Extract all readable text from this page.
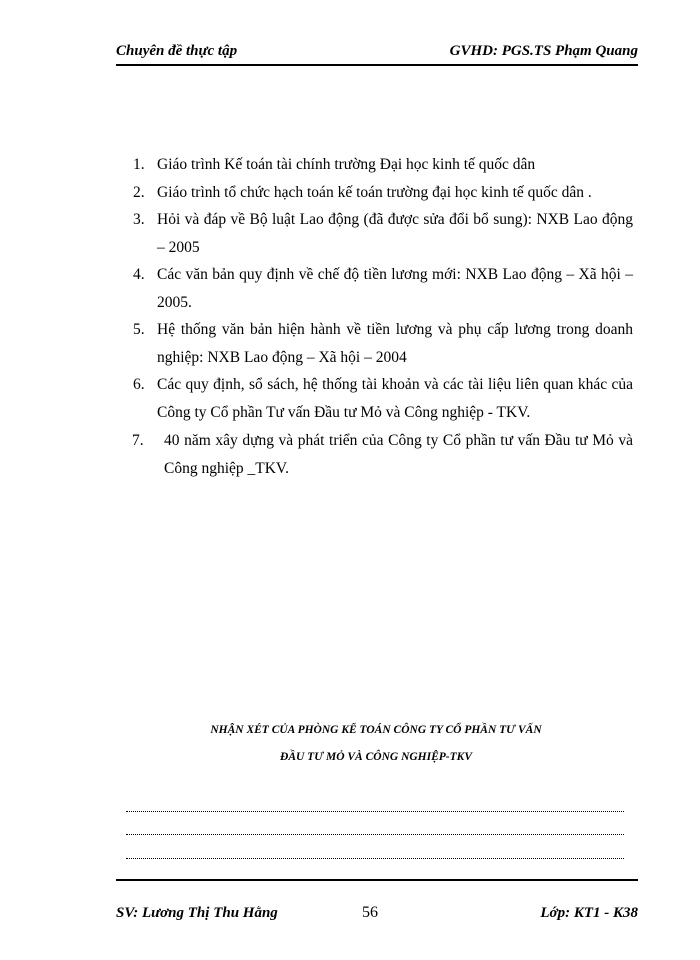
Chuyên đề thực tập	GVHD: PGS.TS Phạm Quang
1. Giáo trình Kế toán tài chính trường Đại học kinh tế quốc dân
2. Giáo trình tổ chức hạch toán kế toán trường đại học kinh tế quốc dân .
3. Hỏi và đáp về Bộ luật Lao động (đã được sửa đổi bổ sung): NXB Lao động – 2005
4. Các văn bản quy định về chế độ tiền lương mới: NXB Lao động – Xã hội – 2005.
5. Hệ thống văn bản hiện hành về tiền lương và phụ cấp lương trong doanh nghiệp: NXB Lao động – Xã hội – 2004
6. Các quy định, sổ sách, hệ thống tài khoản và các tài liệu liên quan khác của Công ty Cổ phần Tư vấn Đầu tư Mỏ và Công nghiệp - TKV.
7. 40 năm xây dựng và phát triển của Công ty Cổ phần tư vấn Đầu tư Mỏ và Công nghiệp _TKV.
NHẬN XÉT CỦA PHÒNG KẾ TOÁN CÔNG TY CỔ PHẦN TƯ VẤN
ĐẦU TƯ MỎ VÀ CÔNG NGHIỆP-TKV
SV: Lương Thị Thu Hằng	56	Lớp: KT1 - K38
